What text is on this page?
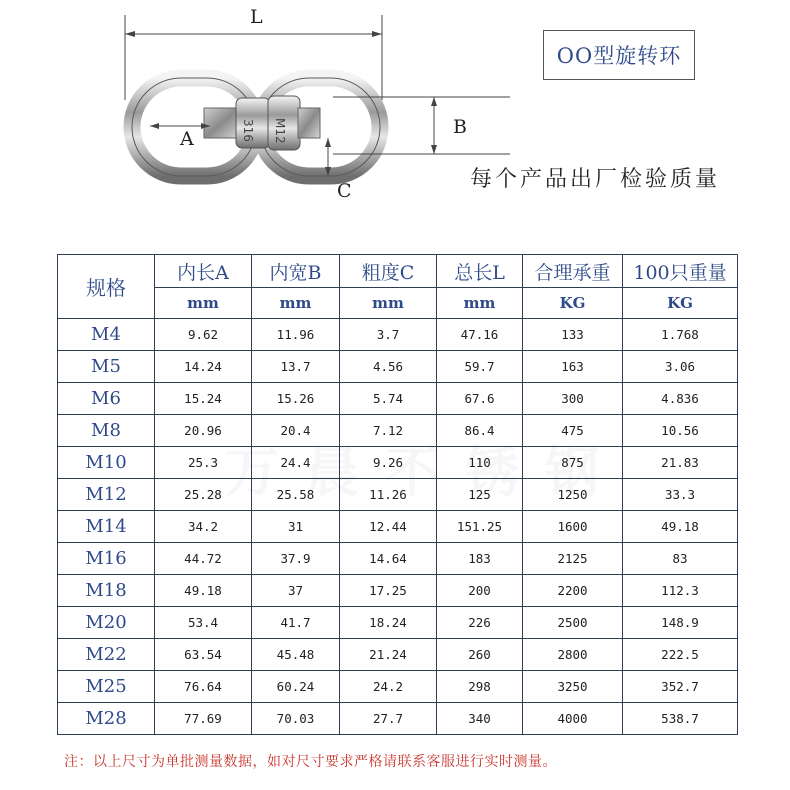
316 M12
L
A
B
C
OO型旋转环
每个产品出厂检验质量
规格	内长A	内宽B	粗度C	总长L	合理承重	100只重量
	mm	mm	mm	mm	KG	KG
M4	9.62	11.96	3.7	47.16	133	1.768
M5	14.24	13.7	4.56	59.7	163	3.06
M6	15.24	15.26	5.74	67.6	300	4.836
M8	20.96	20.4	7.12	86.4	475	10.56
M10	25.3	24.4	9.26	110	875	21.83
M12	25.28	25.58	11.26	125	1250	33.3
M14	34.2	31	12.44	151.25	1600	49.18
M16	44.72	37.9	14.64	183	2125	83
M18	49.18	37	17.25	200	2200	112.3
M20	53.4	41.7	18.24	226	2500	148.9
M22	63.54	45.48	21.24	260	2800	222.5
M25	76.64	60.24	24.2	298	3250	352.7
M28	77.69	70.03	27.7	340	4000	538.7
注：以上尺寸为单批测量数据，如对尺寸要求严格请联系客服进行实时测量。
